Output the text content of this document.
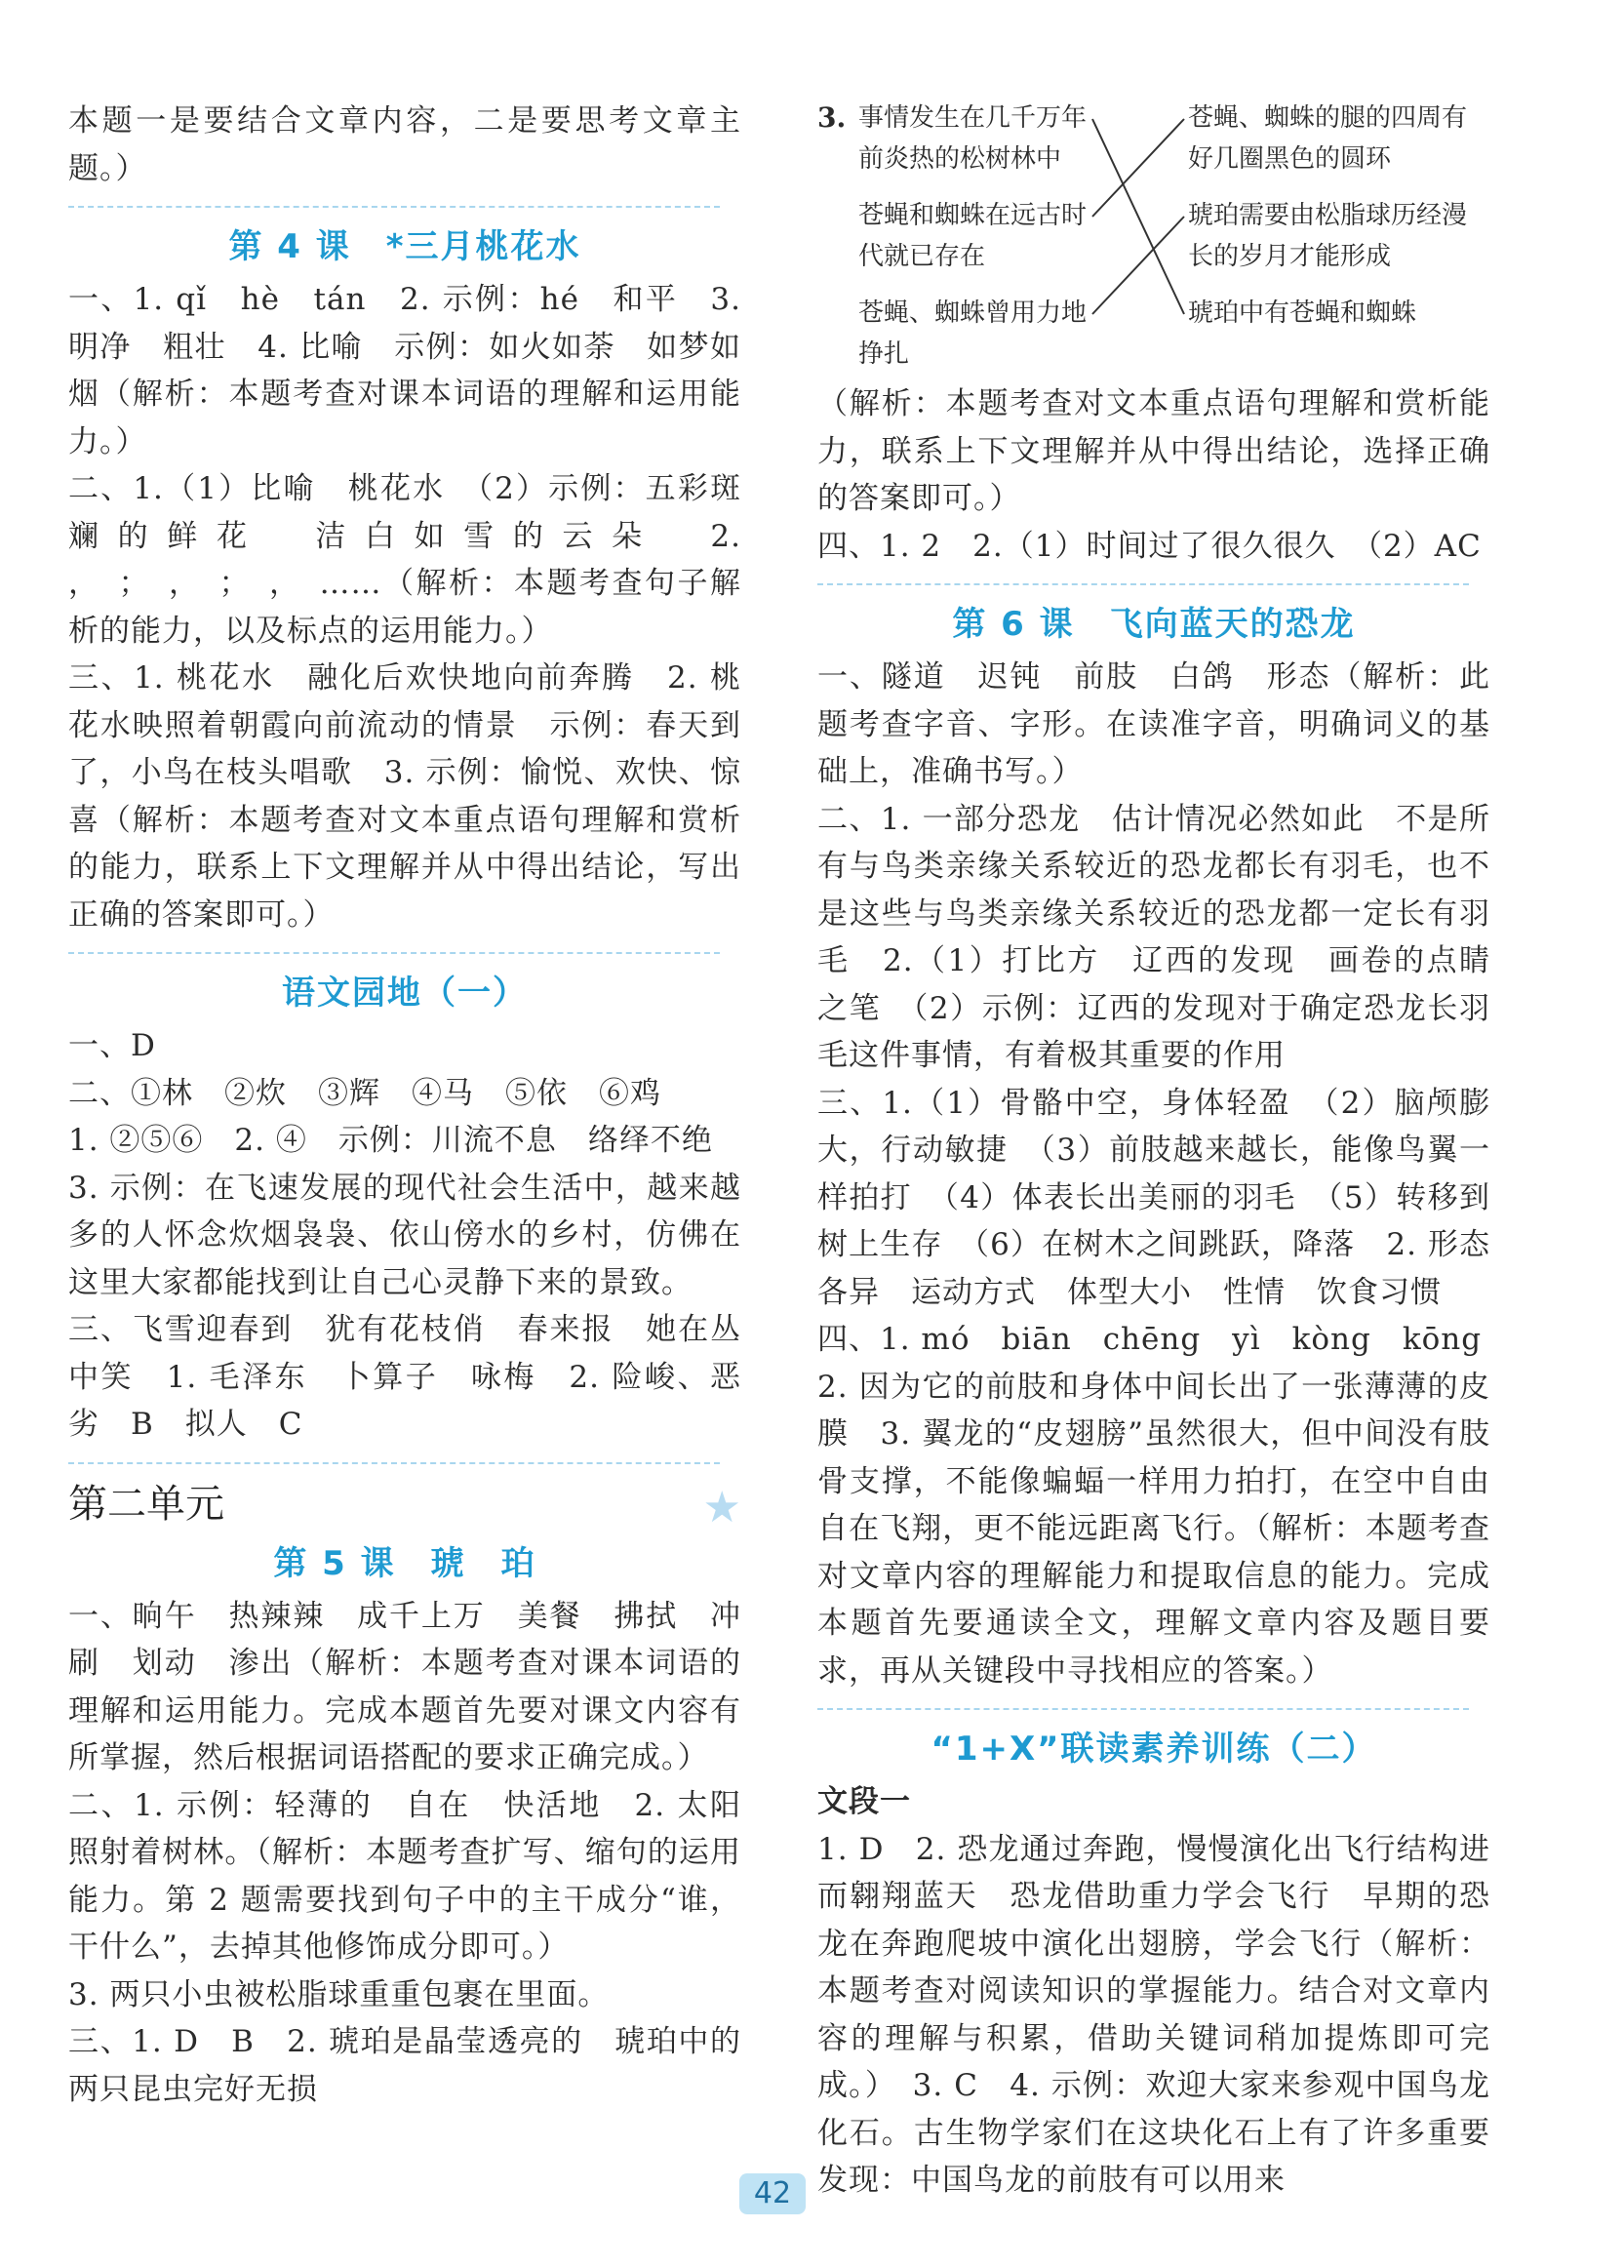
本题一是要结合文章内容，二是要思考文章主题。）

第 4 课　*三月桃花水

一、1. qǐ　hè　tán　2. 示例：hé　和平　3. 明净　粗壮　4. 比喻　示例：如火如荼　如梦如烟（解析：本题考查对课本词语的理解和运用能力。）

二、1.（1）比喻　桃花水　（2）示例：五彩斑斓的鲜花　洁白如雪的云朵　2. ，　；　，　；　，　……（解析：本题考查句子解析的能力，以及标点的运用能力。）

三、1. 桃花水　融化后欢快地向前奔腾　2. 桃花水映照着朝霞向前流动的情景　示例：春天到了，小鸟在枝头唱歌　3. 示例：愉悦、欢快、惊喜（解析：本题考查对文本重点语句理解和赏析的能力，联系上下文理解并从中得出结论，写出正确的答案即可。）

语文园地（一）

一、D

二、①林　②炊　③辉　④马　⑤依　⑥鸡

1. ②⑤⑥　2. ④　示例：川流不息　络绎不绝

3. 示例：在飞速发展的现代社会生活中，越来越多的人怀念炊烟袅袅、依山傍水的乡村，仿佛在这里大家都能找到让自己心灵静下来的景致。

三、飞雪迎春到　犹有花枝俏　春来报　她在丛中笑　1. 毛泽东　卜算子　咏梅　2. 险峻、恶劣　B　拟人　C

第二单元	★
第 5 课　琥　珀

一、晌午　热辣辣　成千上万　美餐　拂拭　冲刷　划动　渗出（解析：本题考查对课本词语的理解和运用能力。完成本题首先要对课文内容有所掌握，然后根据词语搭配的要求正确完成。）

二、1. 示例：轻薄的　自在　快活地　2. 太阳照射着树林。（解析：本题考查扩写、缩句的运用能力。第 2 题需要找到句子中的主干成分“谁，干什么”，去掉其他修饰成分即可。）

3. 两只小虫被松脂球重重包裹在里面。

三、1. D　B　2. 琥珀是晶莹透亮的　琥珀中的两只昆虫完好无损

3. 事情发生在几千万年前炎热的松树林中
苍蝇和蜘蛛在远古时代就已存在
苍蝇、蜘蛛曾用力地挣扎
苍蝇、蜘蛛的腿的四周有好几圈黑色的圆环
琥珀需要由松脂球历经漫长的岁月才能形成
琥珀中有苍蝇和蜘蛛

（解析：本题考查对文本重点语句理解和赏析能力，联系上下文理解并从中得出结论，选择正确的答案即可。）

四、1. 2　2.（1）时间过了很久很久　（2）AC

第 6 课　飞向蓝天的恐龙

一、隧道　迟钝　前肢　白鸽　形态（解析：此题考查字音、字形。在读准字音，明确词义的基础上，准确书写。）

二、1. 一部分恐龙　估计情况必然如此　不是所有与鸟类亲缘关系较近的恐龙都长有羽毛，也不是这些与鸟类亲缘关系较近的恐龙都一定长有羽毛　2.（1）打比方　辽西的发现　画卷的点睛之笔　（2）示例：辽西的发现对于确定恐龙长羽毛这件事情，有着极其重要的作用

三、1.（1）骨骼中空，身体轻盈　（2）脑颅膨大，行动敏捷　（3）前肢越来越长，能像鸟翼一样拍打　（4）体表长出美丽的羽毛　（5）转移到树上生存　（6）在树木之间跳跃，降落　2. 形态各异　运动方式　体型大小　性情　饮食习惯

四、1. mó　biān　chēng　yì　kòng　kōng

2. 因为它的前肢和身体中间长出了一张薄薄的皮膜　3. 翼龙的“皮翅膀”虽然很大，但中间没有肢骨支撑，不能像蝙蝠一样用力拍打，在空中自由自在飞翔，更不能远距离飞行。（解析：本题考查对文章内容的理解能力和提取信息的能力。完成本题首先要通读全文，理解文章内容及题目要求，再从关键段中寻找相应的答案。）

“1+X”联读素养训练（二）

文段一

1. D　2. 恐龙通过奔跑，慢慢演化出飞行结构进而翱翔蓝天　恐龙借助重力学会飞行　早期的恐龙在奔跑爬坡中演化出翅膀，学会飞行（解析：本题考查对阅读知识的掌握能力。结合对文章内容的理解与积累，借助关键词稍加提炼即可完成。）　3. C　4. 示例：欢迎大家来参观中国鸟龙化石。古生物学家们在这块化石上有了许多重要发现：中国鸟龙的前肢有可以用来

42
